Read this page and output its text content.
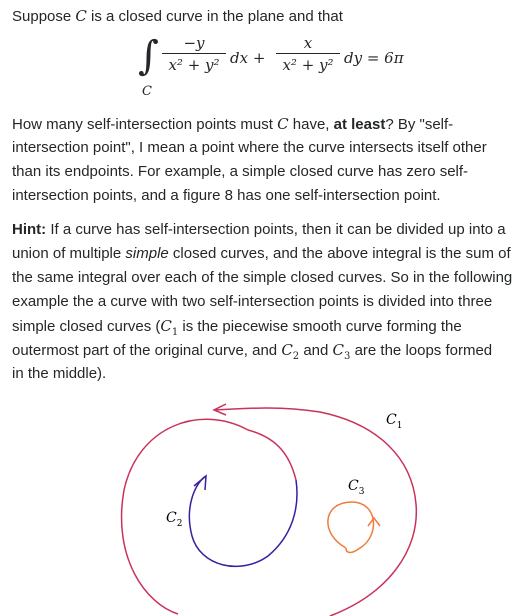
Suppose C is a closed curve in the plane and that
∫
C
−y
x² + y² dx +
x
x² + y² dy = 6π
How many self-intersection points must C have, at least? By "self-
intersection point", I mean a point where the curve intersects itself other
than its endpoints. For example, a simple closed curve has zero self-
intersection points, and a figure 8 has one self-intersection point.
Hint: If a curve has self-intersection points, then it can be divided up into a
union of multiple simple closed curves, and the above integral is the sum of
the same integral over each of the simple closed curves. So in the following
example the a curve with two self-intersection points is divided into three
simple closed curves ($C_1$ is the piecewise smooth curve forming the
outermost part of the original curve, and $C_2$ and $C_3$ are the loops formed
in the middle).
$C_1$
$C_2$
$C_3$
